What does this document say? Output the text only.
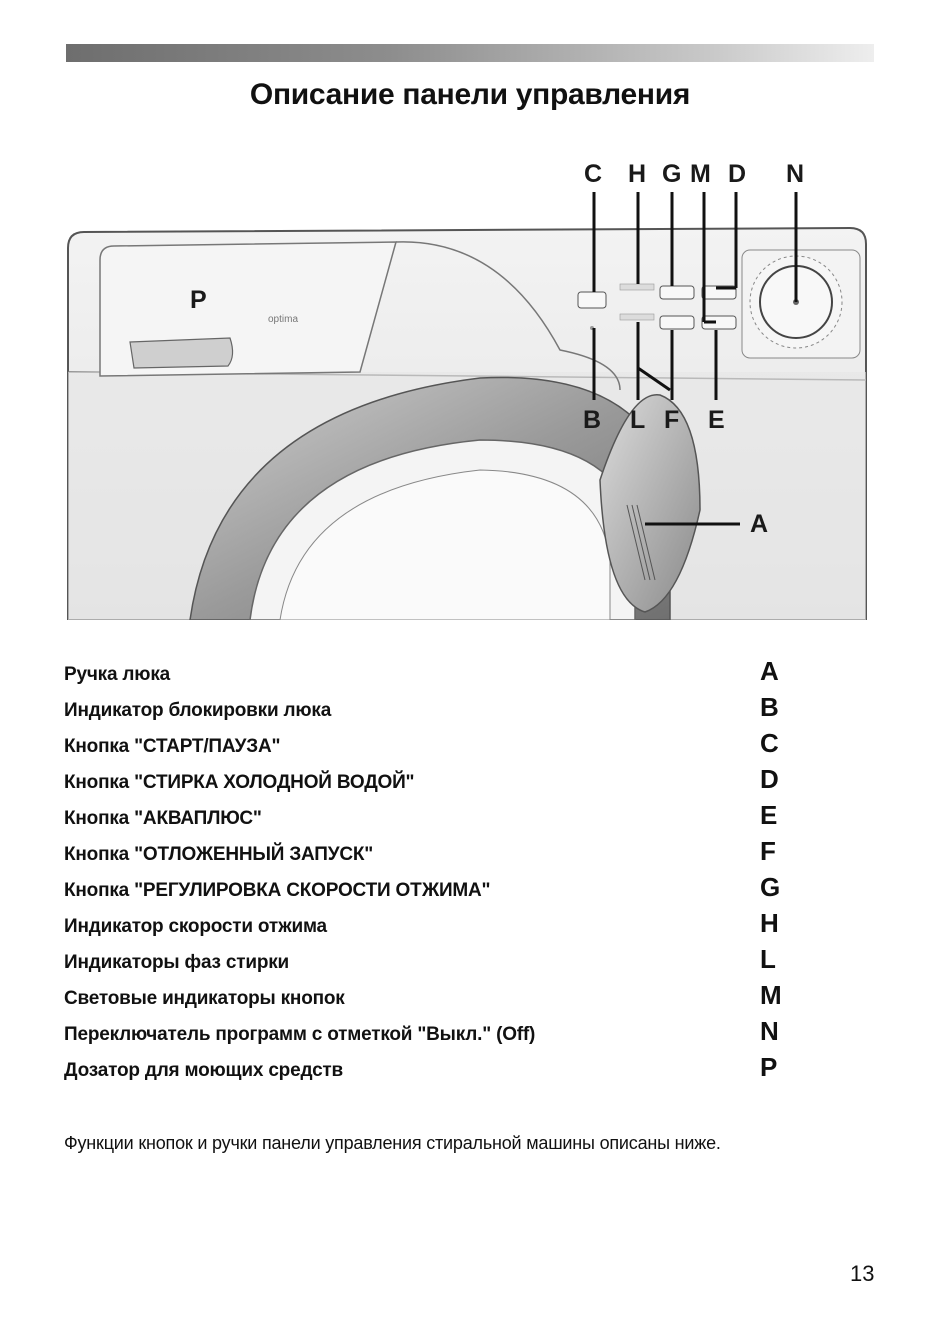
Описание панели управления
optima
C H G M D N
B L F E
A
P
Ручка люка	A
Индикатор блокировки люка	B
Кнопка "СТАРТ/ПАУЗА"	C
Кнопка "СТИРКА ХОЛОДНОЙ ВОДОЙ"	D
Кнопка "АКВАПЛЮС"	E
Кнопка "ОТЛОЖЕННЫЙ ЗАПУСК"	F
Кнопка "РЕГУЛИРОВКА СКОРОСТИ ОТЖИМА"	G
Индикатор скорости отжима	H
Индикаторы фаз стирки	L
Световые индикаторы кнопок	M
Переключатель программ с отметкой "Выкл." (Off)	N
Дозатор для моющих средств	P
Функции кнопок и ручки панели управления стиральной машины описаны ниже.
13
